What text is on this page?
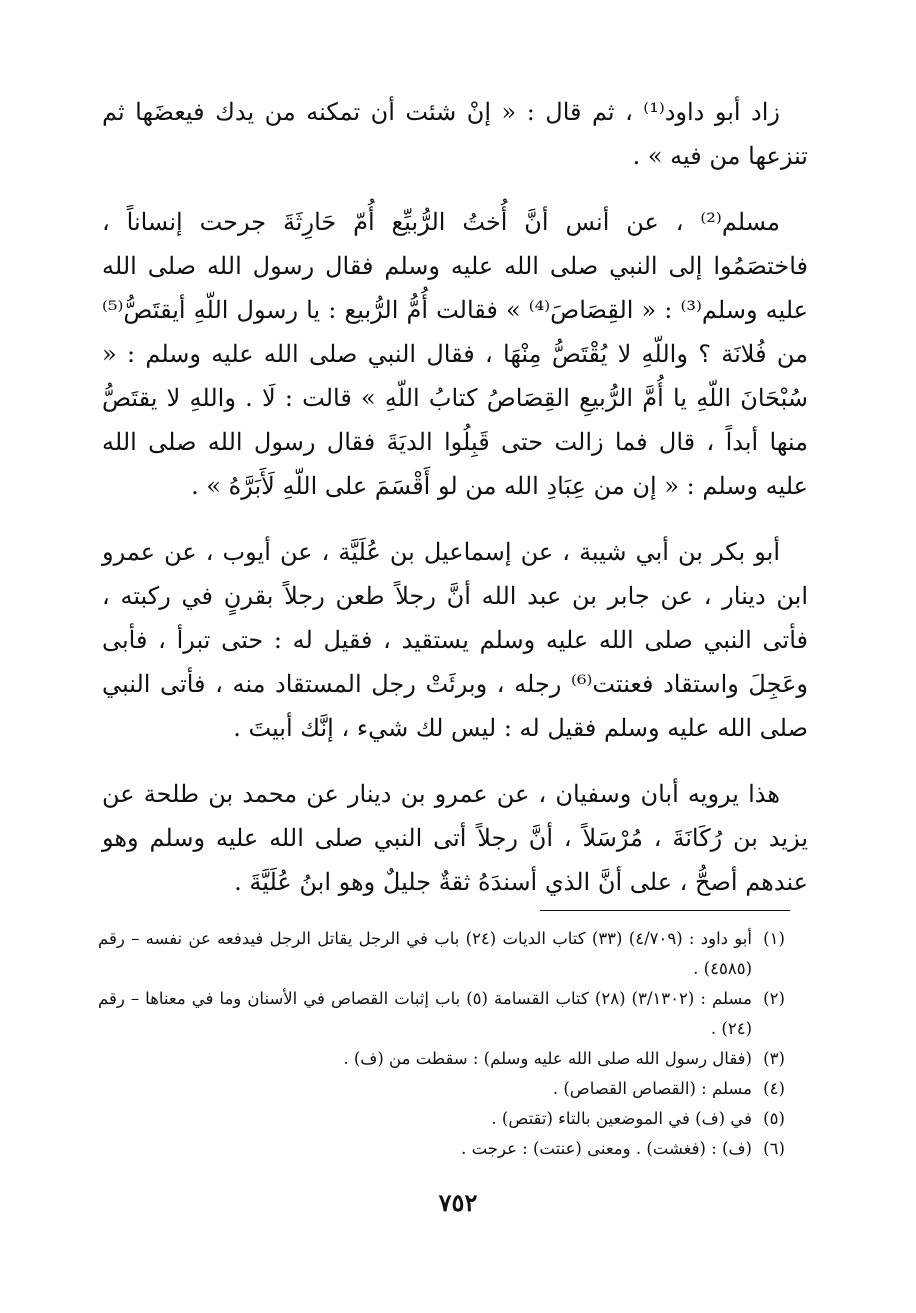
زاد أبو داود⁽¹⁾ ، ثم قال : « إنْ شئت أن تمكنه من يدك فيعضَها ثم تنزعها من فيه » .

مسلم⁽²⁾ ، عن أنس أنَّ أُختُ الرُّبيِّع أُمّ حَارِثَةَ جرحت إنساناً ، فاختصَمُوا إلى النبي صلى الله عليه وسلم فقال رسول الله صلى الله عليه وسلم⁽³⁾ : « القِصَاصَ⁽⁴⁾ » فقالت أُمُّ الرُّبيع : يا رسول اللّهِ أيقتَصُّ⁽⁵⁾ من فُلانَة ؟ واللّهِ لا يُقْتَصُّ مِنْهَا ، فقال النبي صلى الله عليه وسلم : « سُبْحَانَ اللّهِ يا أُمَّ الرُّبيعِ القِصَاصُ كتابُ اللّهِ » قالت : لَا . واللهِ لا يقتَصُّ منها أبداً ، قال فما زالت حتى قَبِلُوا الديَةَ فقال رسول الله صلى الله عليه وسلم : « إن من عِبَادِ الله من لو أَقْسَمَ على اللّهِ لَأَبَرَّهُ » .

أبو بكر بن أبي شيبة ، عن إسماعيل بن عُلَيَّة ، عن أيوب ، عن عمرو ابن دينار ، عن جابر بن عبد الله أنَّ رجلاً طعن رجلاً بقرنٍ في ركبته ، فأتى النبي صلى الله عليه وسلم يستقيد ، فقيل له : حتى تبرأ ، فأبى وعَجِلَ واستقاد فعنتت⁽⁶⁾ رجله ، وبرئَتْ رجل المستقاد منه ، فأتى النبي صلى الله عليه وسلم فقيل له : ليس لك شيء ، إنَّك أبيتَ .

هذا يرويه أبان وسفيان ، عن عمرو بن دينار عن محمد بن طلحة عن يزيد بن رُكَانَةَ ، مُرْسَلاً ، أنَّ رجلاً أتى النبي صلى الله عليه وسلم وهو عندهم أصحُّ ، على أنَّ الذي أسندَهُ ثقةٌ جليلٌ وهو ابنُ عُلَيَّةَ .

(١)
أبو داود : (٤/٧٠٩) (٣٣) كتاب الديات (٢٤) باب في الرجل يقاتل الرجل فيدفعه عن نفسه – رقم (٤٥٨٥) .
(٢)
مسلم : (٣/١٣٠٢) (٢٨) كتاب القسامة (٥) باب إثبات القصاص في الأسنان وما في معناها – رقم (٢٤) .
(٣)
(فقال رسول الله صلى الله عليه وسلم) : سقطت من (ف) .
(٤)
مسلم : (القصاص القصاص) .
(٥)
في (ف) في الموضعين بالتاء (تقتص) .
(٦)
(ف) : (فغشت) . ومعنى (عنتت) : عرجت .
٧٥٢
